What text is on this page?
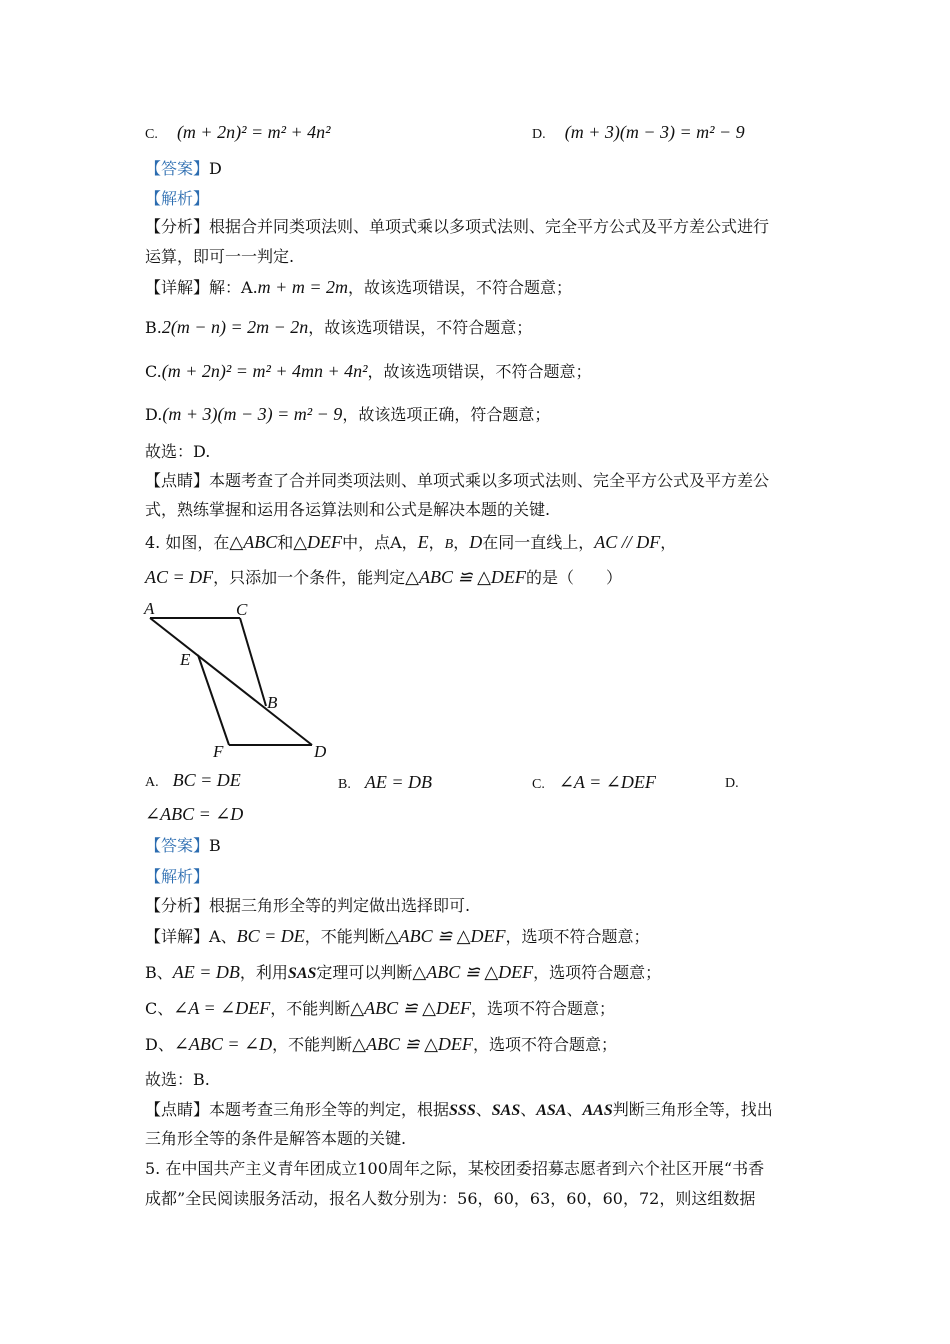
C. (m + 2n)² = m² + 4n²	D. (m + 3)(m − 3) = m² − 9
【答案】D
【解析】
【分析】根据合并同类项法则、单项式乘以多项式法则、完全平方公式及平方差公式进行
运算，即可一一判定.
【详解】解：A.m + m = 2m，故该选项错误，不符合题意；
B.2(m − n) = 2m − 2n，故该选项错误，不符合题意；
C.(m + 2n)² = m² + 4mn + 4n²，故该选项错误，不符合题意；
D.(m + 3)(m − 3) = m² − 9，故该选项正确，符合题意；
故选：D.
【点睛】本题考查了合并同类项法则、单项式乘以多项式法则、完全平方公式及平方差公
式，熟练掌握和运用各运算法则和公式是解决本题的关键.
4. 如图，在△ABC和△DEF中，点A，E，B，D在同一直线上，AC // DF，
AC = DF，只添加一个条件，能判定△ABC ≌ △DEF的是（　　）
A	C
E
B
F	D
A. BC = DE	B. AE = DB	C. ∠A = ∠DEF	D.
∠ABC = ∠D
【答案】B
【解析】
【分析】根据三角形全等的判定做出选择即可.
【详解】A、BC = DE，不能判断△ABC ≌ △DEF，选项不符合题意；
B、AE = DB，利用SAS定理可以判断△ABC ≌ △DEF，选项符合题意；
C、∠A = ∠DEF，不能判断△ABC ≌ △DEF，选项不符合题意；
D、∠ABC = ∠D，不能判断△ABC ≌ △DEF，选项不符合题意；
故选：B.
【点睛】本题考查三角形全等的判定，根据SSS、SAS、ASA、AAS判断三角形全等，找出
三角形全等的条件是解答本题的关键.
5. 在中国共产主义青年团成立100周年之际，某校团委招募志愿者到六个社区开展“书香
成都”全民阅读服务活动，报名人数分别为：56，60，63，60，60，72，则这组数据
